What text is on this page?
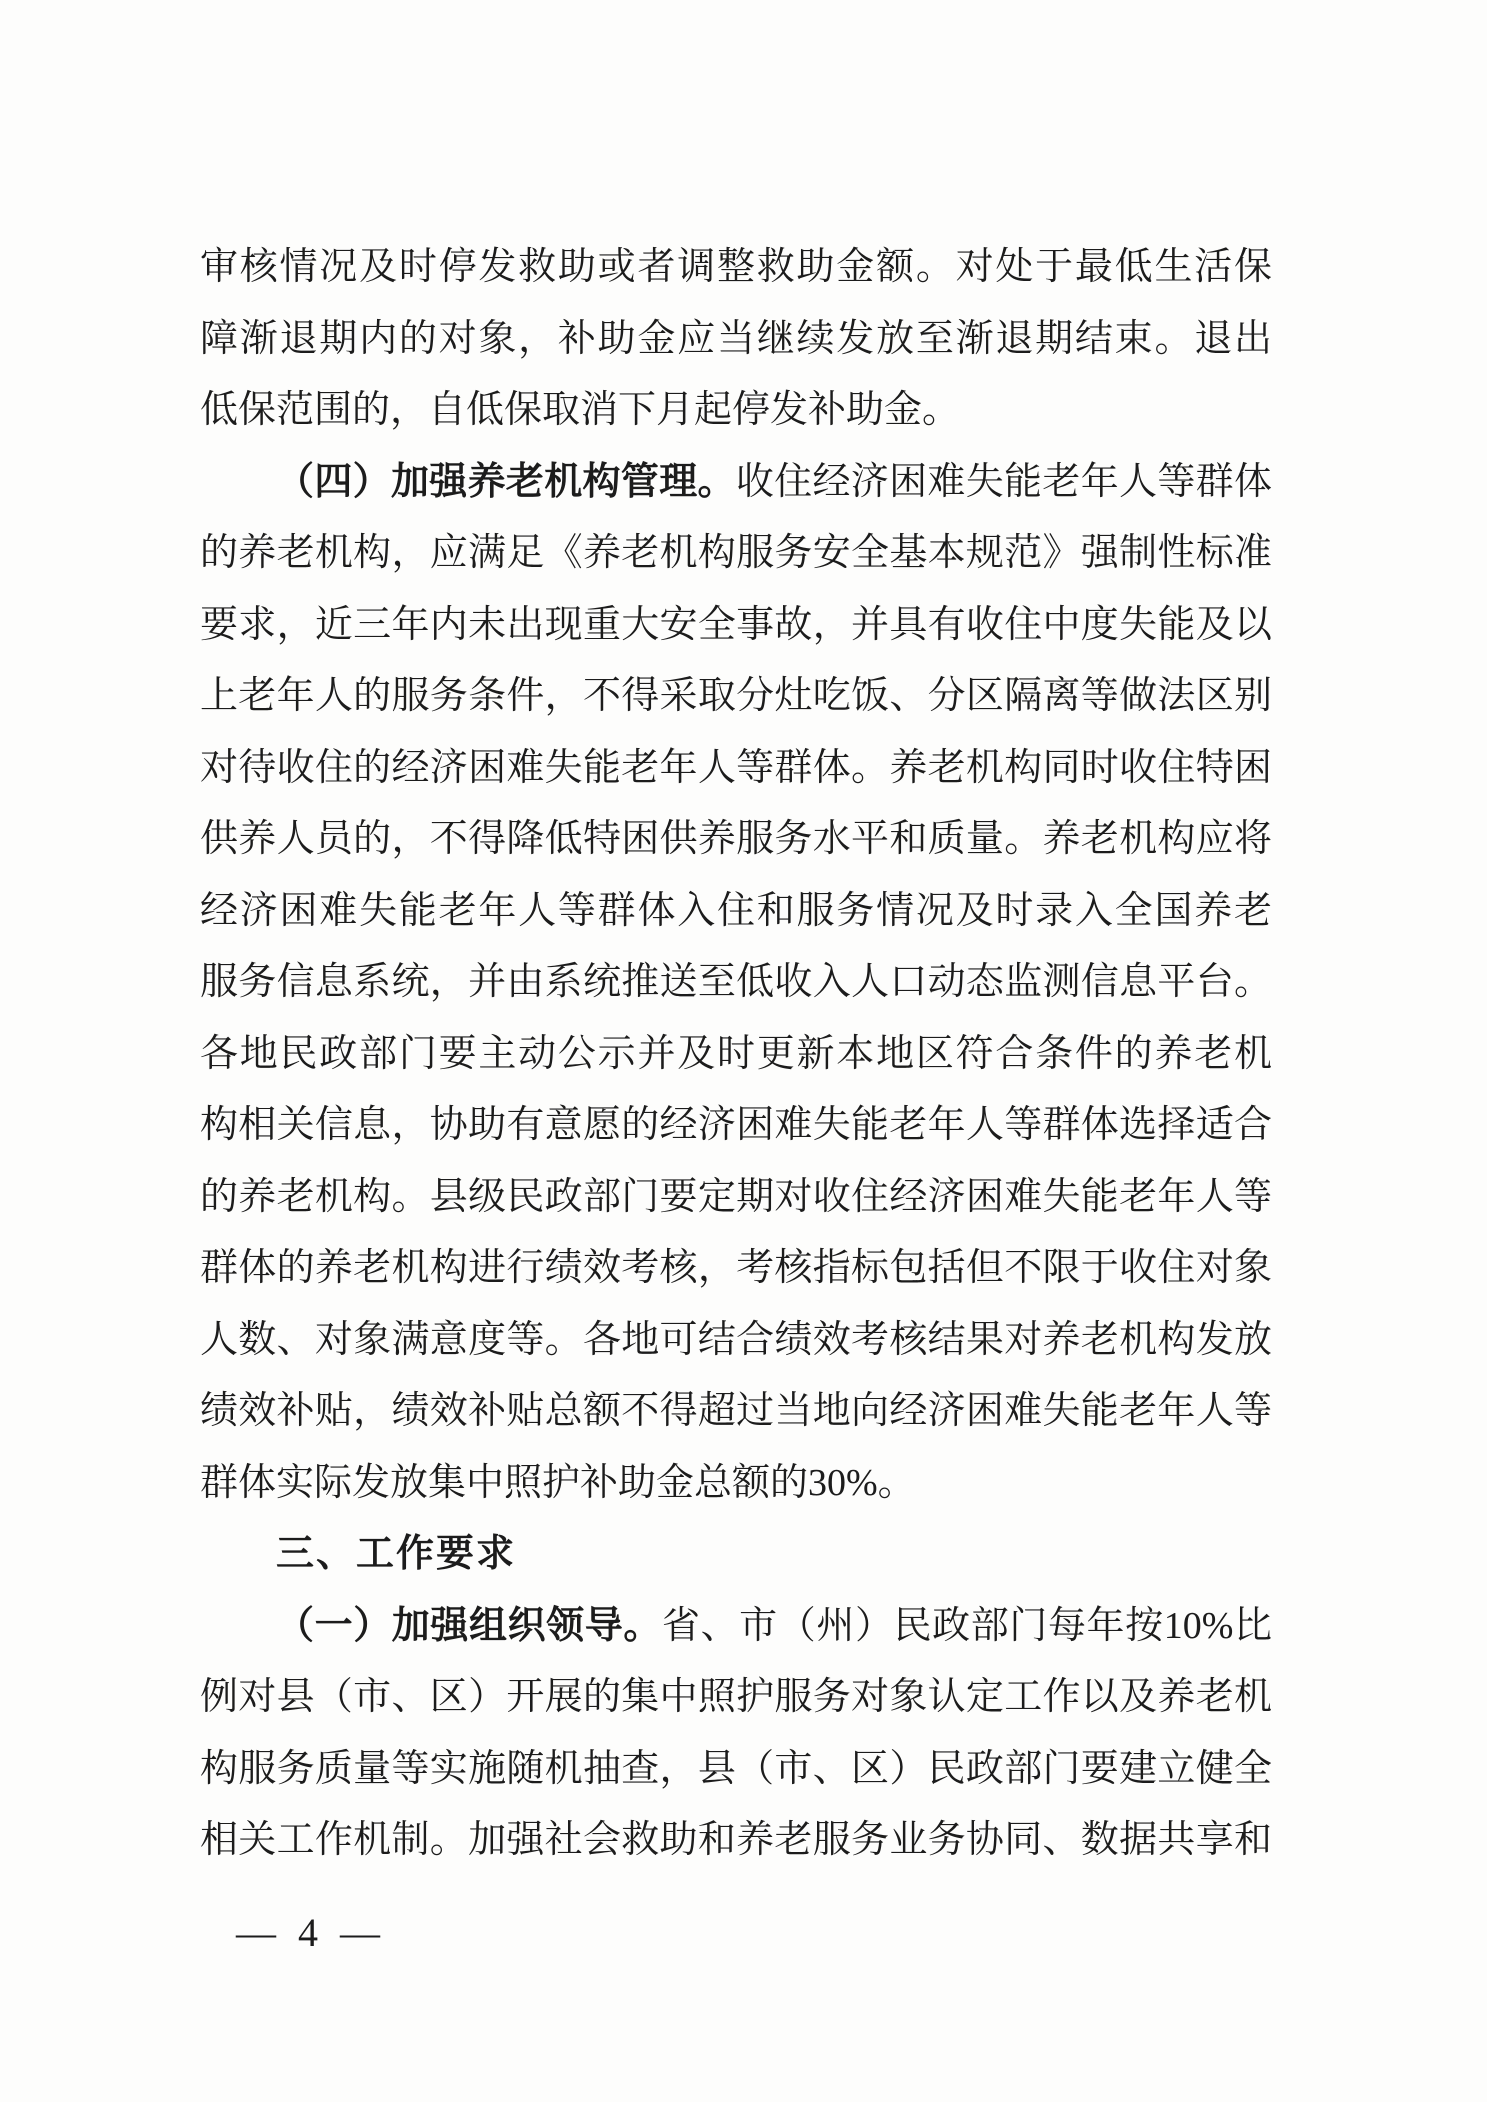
审核情况及时停发救助或者调整救助金额。对处于最低生活保
障渐退期内的对象，补助金应当继续发放至渐退期结束。退出
低保范围的，自低保取消下月起停发补助金。
（四）加强养老机构管理。收住经济困难失能老年人等群体
的养老机构，应满足《养老机构服务安全基本规范》强制性标准
要求，近三年内未出现重大安全事故，并具有收住中度失能及以
上老年人的服务条件，不得采取分灶吃饭、分区隔离等做法区别
对待收住的经济困难失能老年人等群体。养老机构同时收住特困
供养人员的，不得降低特困供养服务水平和质量。养老机构应将
经济困难失能老年人等群体入住和服务情况及时录入全国养老
服务信息系统，并由系统推送至低收入人口动态监测信息平台。
各地民政部门要主动公示并及时更新本地区符合条件的养老机
构相关信息，协助有意愿的经济困难失能老年人等群体选择适合
的养老机构。县级民政部门要定期对收住经济困难失能老年人等
群体的养老机构进行绩效考核，考核指标包括但不限于收住对象
人数、对象满意度等。各地可结合绩效考核结果对养老机构发放
绩效补贴，绩效补贴总额不得超过当地向经济困难失能老年人等
群体实际发放集中照护补助金总额的30%。
三、工作要求
（一）加强组织领导。省、市（州）民政部门每年按10%比
例对县（市、区）开展的集中照护服务对象认定工作以及养老机
构服务质量等实施随机抽查，县（市、区）民政部门要建立健全
相关工作机制。加强社会救助和养老服务业务协同、数据共享和
— 4 —
